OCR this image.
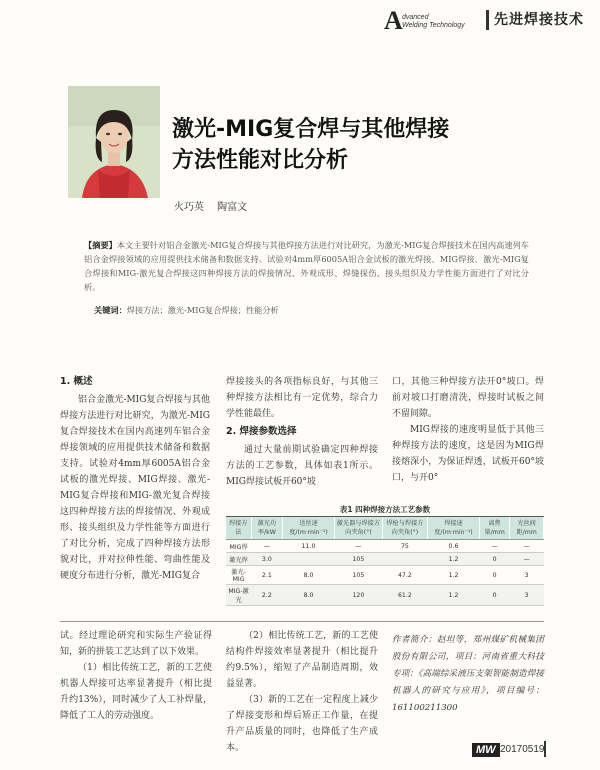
A dvanced
Welding Technology 先进焊接技术
激光-MIG复合焊与其他焊接
方法性能对比分析
火巧英 陶富文
【摘要】本文主要针对铝合金激光-MIG复合焊接与其他焊接方法进行对比研究，为激光-MIG复合焊接技术在国内高速列车铝合金焊接领域的应用提供技术储备和数据支持。试验对4mm厚6005A铝合金试板的激光焊接、MIG焊接、激光-MIG复合焊接和MIG-激光复合焊接这四种焊接方法的焊接情况、外观成形、焊缝探伤、接头组织及力学性能方面进行了对比分析。
关键词：焊接方法；激光-MIG复合焊接；性能分析
1. 概述

铝合金激光-MIG复合焊接与其他焊接方法进行对比研究，为激光-MIG复合焊接技术在国内高速列车铝合金焊接领域的应用提供技术储备和数据支持。试验对4mm厚6005A铝合金试板的激光焊接、MIG焊接、激光-MIG复合焊接和MIG-激光复合焊接这四种焊接方法的焊接情况、外观成形、接头组织及力学性能等方面进行了对比分析，完成了四种焊接方法形貌对比，并对拉伸性能、弯曲性能及硬度分布进行分析，激光-MIG复合

焊接接头的各项指标良好，与其他三种焊接方法相比有一定优势，综合力学性能最佳。

2. 焊接参数选择

通过大量前期试验确定四种焊接方法的工艺参数，具体如表1所示。MIG焊接试板开60°坡

口，其他三种焊接方法开0°坡口。焊前对坡口打磨清洗，焊接时试板之间不留间隙。

MIG焊接的速度明显低于其他三种焊接方法的速度，这是因为MIG焊接熔深小，为保证焊透，试板开60°坡口，与开0°

表1 四种焊接方法工艺参数
焊接方法	激光功率/kW	送丝速度/(m·min⁻¹)	激光器与焊接方向夹角(°)	焊枪与焊接方向夹角(°)	焊接速度/(m·min⁻¹)	离焦量/mm	光丝间距/mm
MIG焊	—	11.0	—	75	0.6	—	—
激光焊	3.0		105		1.2	0	—
激光-MIG	2.1	8.0	105	47.2	1.2	0	3
MIG-激光	2.2	8.0	120	61.2	1.2	0	3

试。经过理论研究和实际生产验证得知，新的拼装工艺达到了以下效果。

（1）相比传统工艺，新的工艺使机器人焊接可达率显著提升（相比提升约13%），同时减少了人工补焊量，降低了工人的劳动强度。

（2）相比传统工艺，新的工艺使结构件焊接效率显著提升（相比提升约9.5%），缩短了产品制造周期，效益显著。

（3）新的工艺在一定程度上减少了焊接变形和焊后矫正工作量，在提升产品质量的同时，也降低了生产成本。

作者简介：赵坦等，郑州煤矿机械集团股份有限公司，项目：河南省重大科技专项：《高端综采液压支架智能制造焊接机器人的研究与应用》，项目编号：161100211300
MW 20170519
